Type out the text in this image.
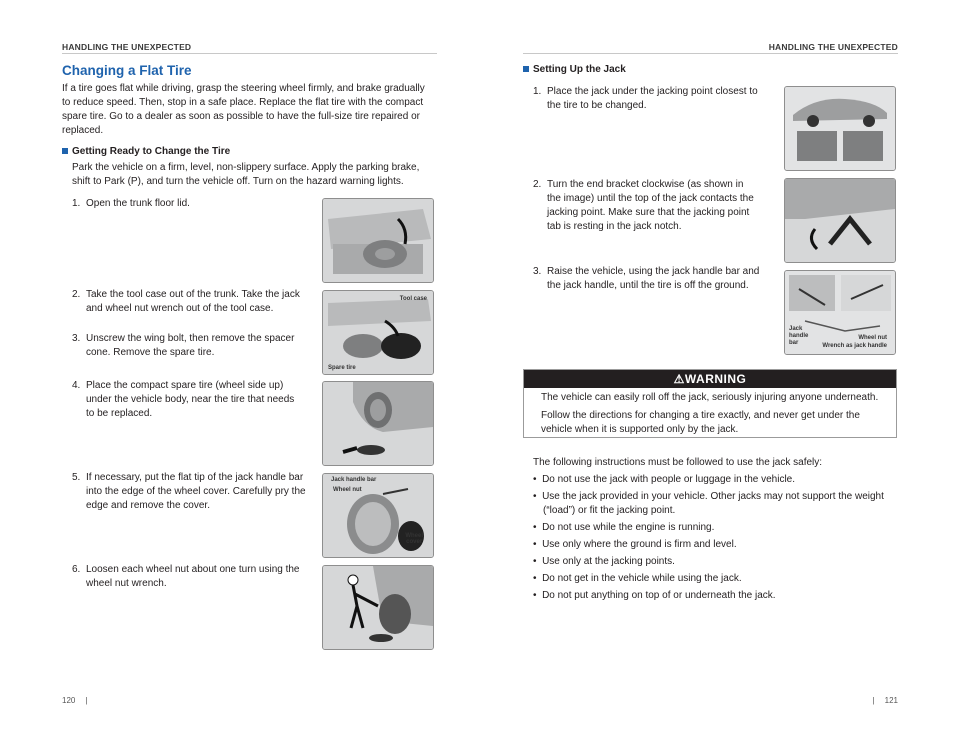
HANDLING THE UNEXPECTED
Changing a Flat Tire
If a tire goes flat while driving, grasp the steering wheel firmly, and brake gradually
to reduce speed. Then, stop in a safe place. Replace the flat tire with the compact
spare tire. Go to a dealer as soon as possible to have the full-size tire repaired or
replaced.
Getting Ready to Change the Tire
Park the vehicle on a firm, level, non-slippery surface. Apply the parking brake,
shift to Park (P), and turn the vehicle off. Turn on the hazard warning lights.
1. Open the trunk floor lid.
2. Take the tool case out of the trunk. Take the jack
and wheel nut wrench out of the tool case.
3. Unscrew the wing bolt, then remove the spacer
cone. Remove the spare tire.
4. Place the compact spare tire (wheel side up)
under the vehicle body, near the tire that needs
to be replaced.
5. If necessary, put the flat tip of the jack handle bar
into the edge of the wheel cover. Carefully pry the
edge and remove the cover.
6. Loosen each wheel nut about one turn using the
wheel nut wrench.
Tool case
Spare tire
Jack handle bar
Wheel nut
Wheel
cover
120 |
HANDLING THE UNEXPECTED
Setting Up the Jack
1. Place the jack under the jacking point closest to
the tire to be changed.
2. Turn the end bracket clockwise (as shown in
the image) until the top of the jack contacts the
jacking point. Make sure that the jacking point
tab is resting in the jack notch.
3. Raise the vehicle, using the jack handle bar and
the jack handle, until the tire is off the ground.
Jack
handle
bar
Wheel nut
Wrench as jack handle
⚠WARNING
The vehicle can easily roll off the jack, seriously injuring anyone underneath.
Follow the directions for changing a tire exactly, and never get under the
vehicle when it is supported only by the jack.
The following instructions must be followed to use the jack safely:
•  Do not use the jack with people or luggage in the vehicle.
•  Use the jack provided in your vehicle. Other jacks may not support the weight
(“load”) or fit the jacking point.
•  Do not use while the engine is running.
•  Use only where the ground is firm and level.
•  Use only at the jacking points.
•  Do not get in the vehicle while using the jack.
•  Do not put anything on top of or underneath the jack.
| 121
